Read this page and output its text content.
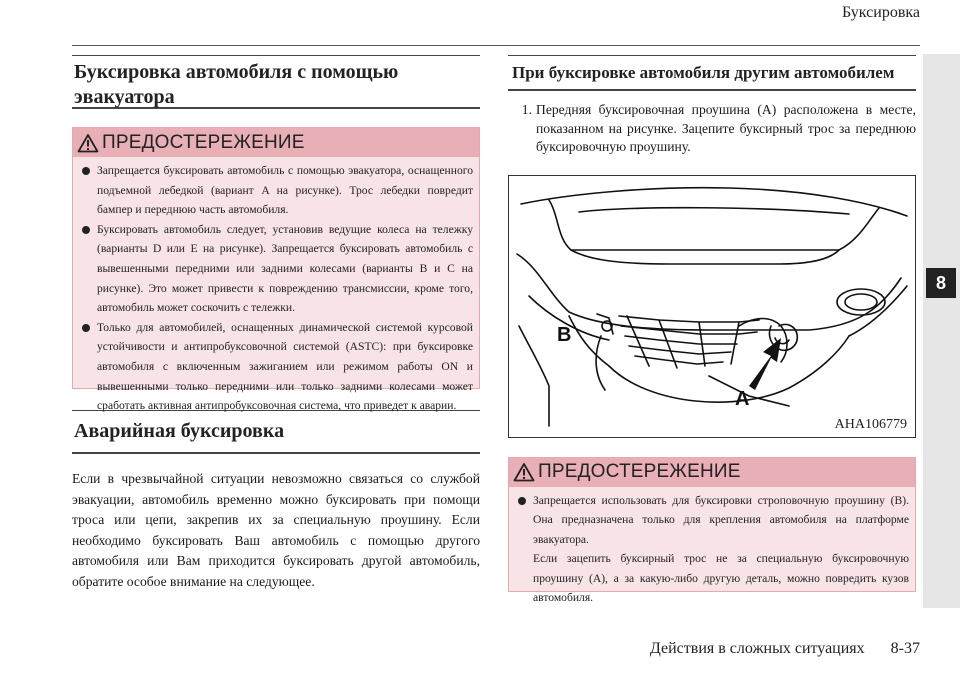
Буксировка
8
Буксировка автомобиля с помощью эвакуатора
ПРЕДОСТЕРЕЖЕНИЕ
Запрещается буксировать автомобиль с помощью эвакуатора, оснащенного подъемной лебедкой (вариант A на рисунке). Трос лебедки повредит бампер и переднюю часть автомобиля.
Буксировать автомобиль следует, установив ведущие колеса на тележку (варианты D или E на рисунке). Запрещается буксировать автомобиль с вывешенными передними или задними колесами (варианты B и C на рисунке). Это может привести к повреждению трансмиссии, кроме того, автомобиль может соскочить с тележки.
Только для автомобилей, оснащенных динамической системой курсовой устойчивости и антипробуксовочной системой (ASTC): при буксировке автомобиля с включенным зажиганием или режимом работы ON и вывешенными только передними или только задними колесами может сработать активная антипробуксовочная система, что приведет к аварии.
Аварийная буксировка

Если в чрезвычайной ситуации невозможно связаться со службой эвакуации, автомобиль временно можно буксировать при помощи троса или цепи, закрепив их за специальную проушину. Если необходимо буксировать Ваш автомобиль с помощью другого автомобиля или Вам приходится буксировать другой автомобиль, обратите особое внимание на следующее.

При буксировке автомобиля другим автомобилем
1. Передняя буксировочная проушина (A) расположена в месте, показанном на рисунке. Зацепите буксирный трос за переднюю буксировочную проушину.
B
A
AHA106779
ПРЕДОСТЕРЕЖЕНИЕ

Запрещается использовать для буксировки строповочную проушину (B). Она предназначена только для крепления автомобиля на платформе эвакуатора.

Если зацепить буксирный трос не за специальную буксировочную проушину (A), а за какую-либо другую деталь, можно повредить кузов автомобиля.

Действия в сложных ситуациях 8-37
